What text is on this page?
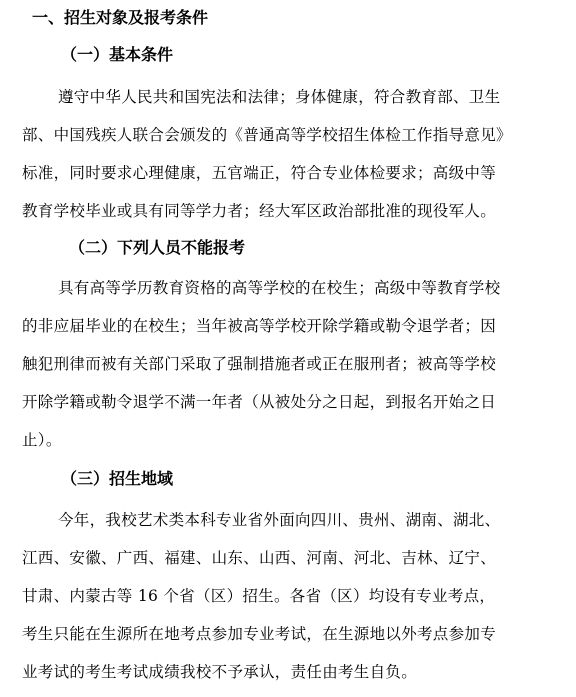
一、招生对象及报考条件
（一）基本条件

遵守中华人民共和国宪法和法律；身体健康，符合教育部、卫生

部、中国残疾人联合会颁发的《普通高等学校招生体检工作指导意见》

标准，同时要求心理健康，五官端正，符合专业体检要求；高级中等

教育学校毕业或具有同等学力者；经大军区政治部批准的现役军人。

（二）下列人员不能报考

具有高等学历教育资格的高等学校的在校生；高级中等教育学校

的非应届毕业的在校生；当年被高等学校开除学籍或勒令退学者；因

触犯刑律而被有关部门采取了强制措施者或正在服刑者；被高等学校

开除学籍或勒令退学不满一年者（从被处分之日起，到报名开始之日

止）。

（三）招生地域

今年，我校艺术类本科专业省外面向四川、贵州、湖南、湖北、

江西、安徽、广西、福建、山东、山西、河南、河北、吉林、辽宁、

甘肃、内蒙古等 16 个省（区）招生。各省（区）均设有专业考点，

考生只能在生源所在地考点参加专业考试，在生源地以外考点参加专

业考试的考生考试成绩我校不予承认，责任由考生自负。
